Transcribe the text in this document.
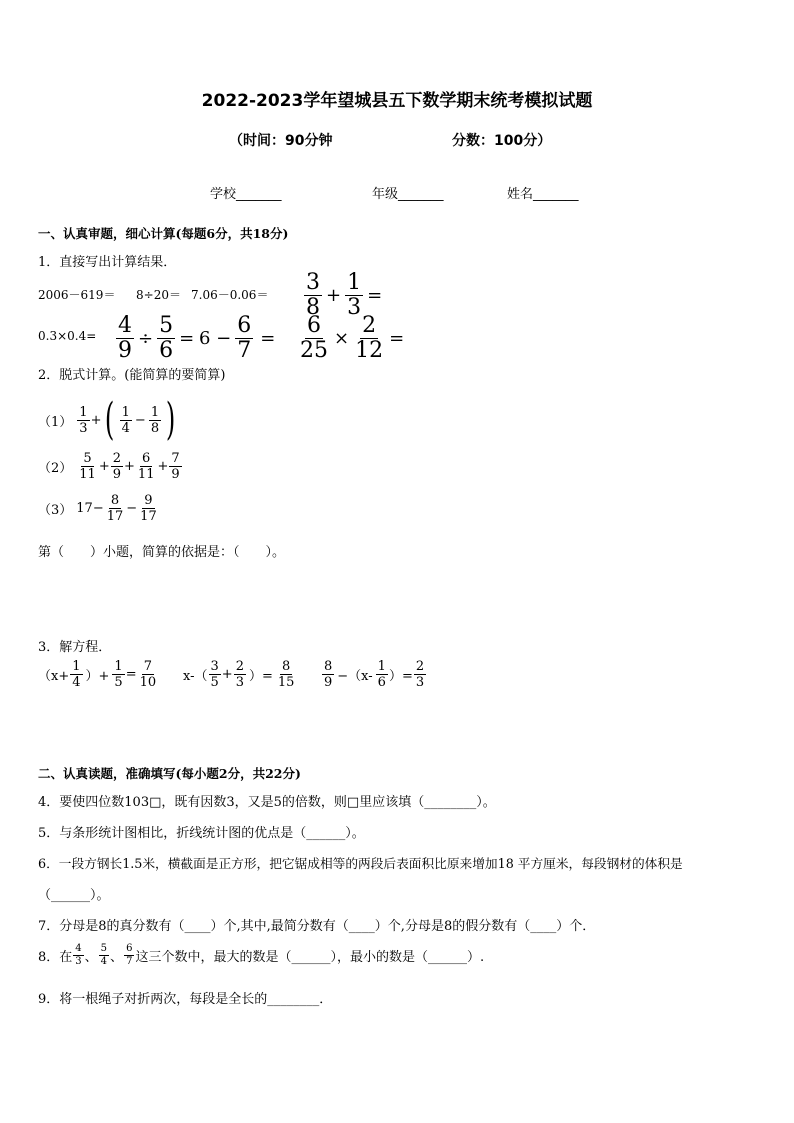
2022-2023学年望城县五下数学期末统考模拟试题
（时间：90分钟	分数：100分）
学校_______	年级_______	姓名_______
一、认真审题，细心计算(每题6分，共18分)
1．直接写出计算结果．
$2006-619= 8\div 20= 7.06-0.06= \frac{3}{8} + \frac{1}{3}$ =
$0.3\times 0.4= \frac{4}{9} \div \frac{5}{6} = 6 - \frac{6}{7} = \frac{6}{25} \times \frac{2}{12}$ =
2．脱式计算。(能简算的要简算)
$(1) \frac{1}{3}$ + ( $\frac{1}{4} - \frac{1}{8}$ )
$(2) \frac{5}{11} + \frac{2}{9} + \frac{6}{11} + \frac{7}{9}$
（3） $17- \frac{8}{17} - \frac{9}{17}$
第（　　）小题，简算的依据是：（　　）。
3．解方程．
（$x+ \frac{1}{4}$ ）+ $\frac{1}{5} = \frac{7}{10} x-( \frac{3}{5} + \frac{2}{3}$ ）= $\frac{8}{15} \frac{8}{9} -(x- \frac{1}{6}$ ）= $\frac{2}{3}$
二、认真读题，准确填写(每小题2分，共22分)
4．要使四位数103□，既有因数3，又是5的倍数，则□里应该填（________）。
5．与条形统计图相比，折线统计图的优点是（______）。
6．一段方钢长1.5米，横截面是正方形，把它锯成相等的两段后表面积比原来增加18 平方厘米，每段钢材的体积是
（______）。
7．分母是8的真分数有（____）个,其中,最简分数有（____）个,分母是8的假分数有（____）个．
8．在 $\frac{4}{3}$ 、 $\frac{5}{4}$ 、 $\frac{6}{7}$ 这三个数中，最大的数是（______），最小的数是（______）.
9．将一根绳子对折两次，每段是全长的________．
